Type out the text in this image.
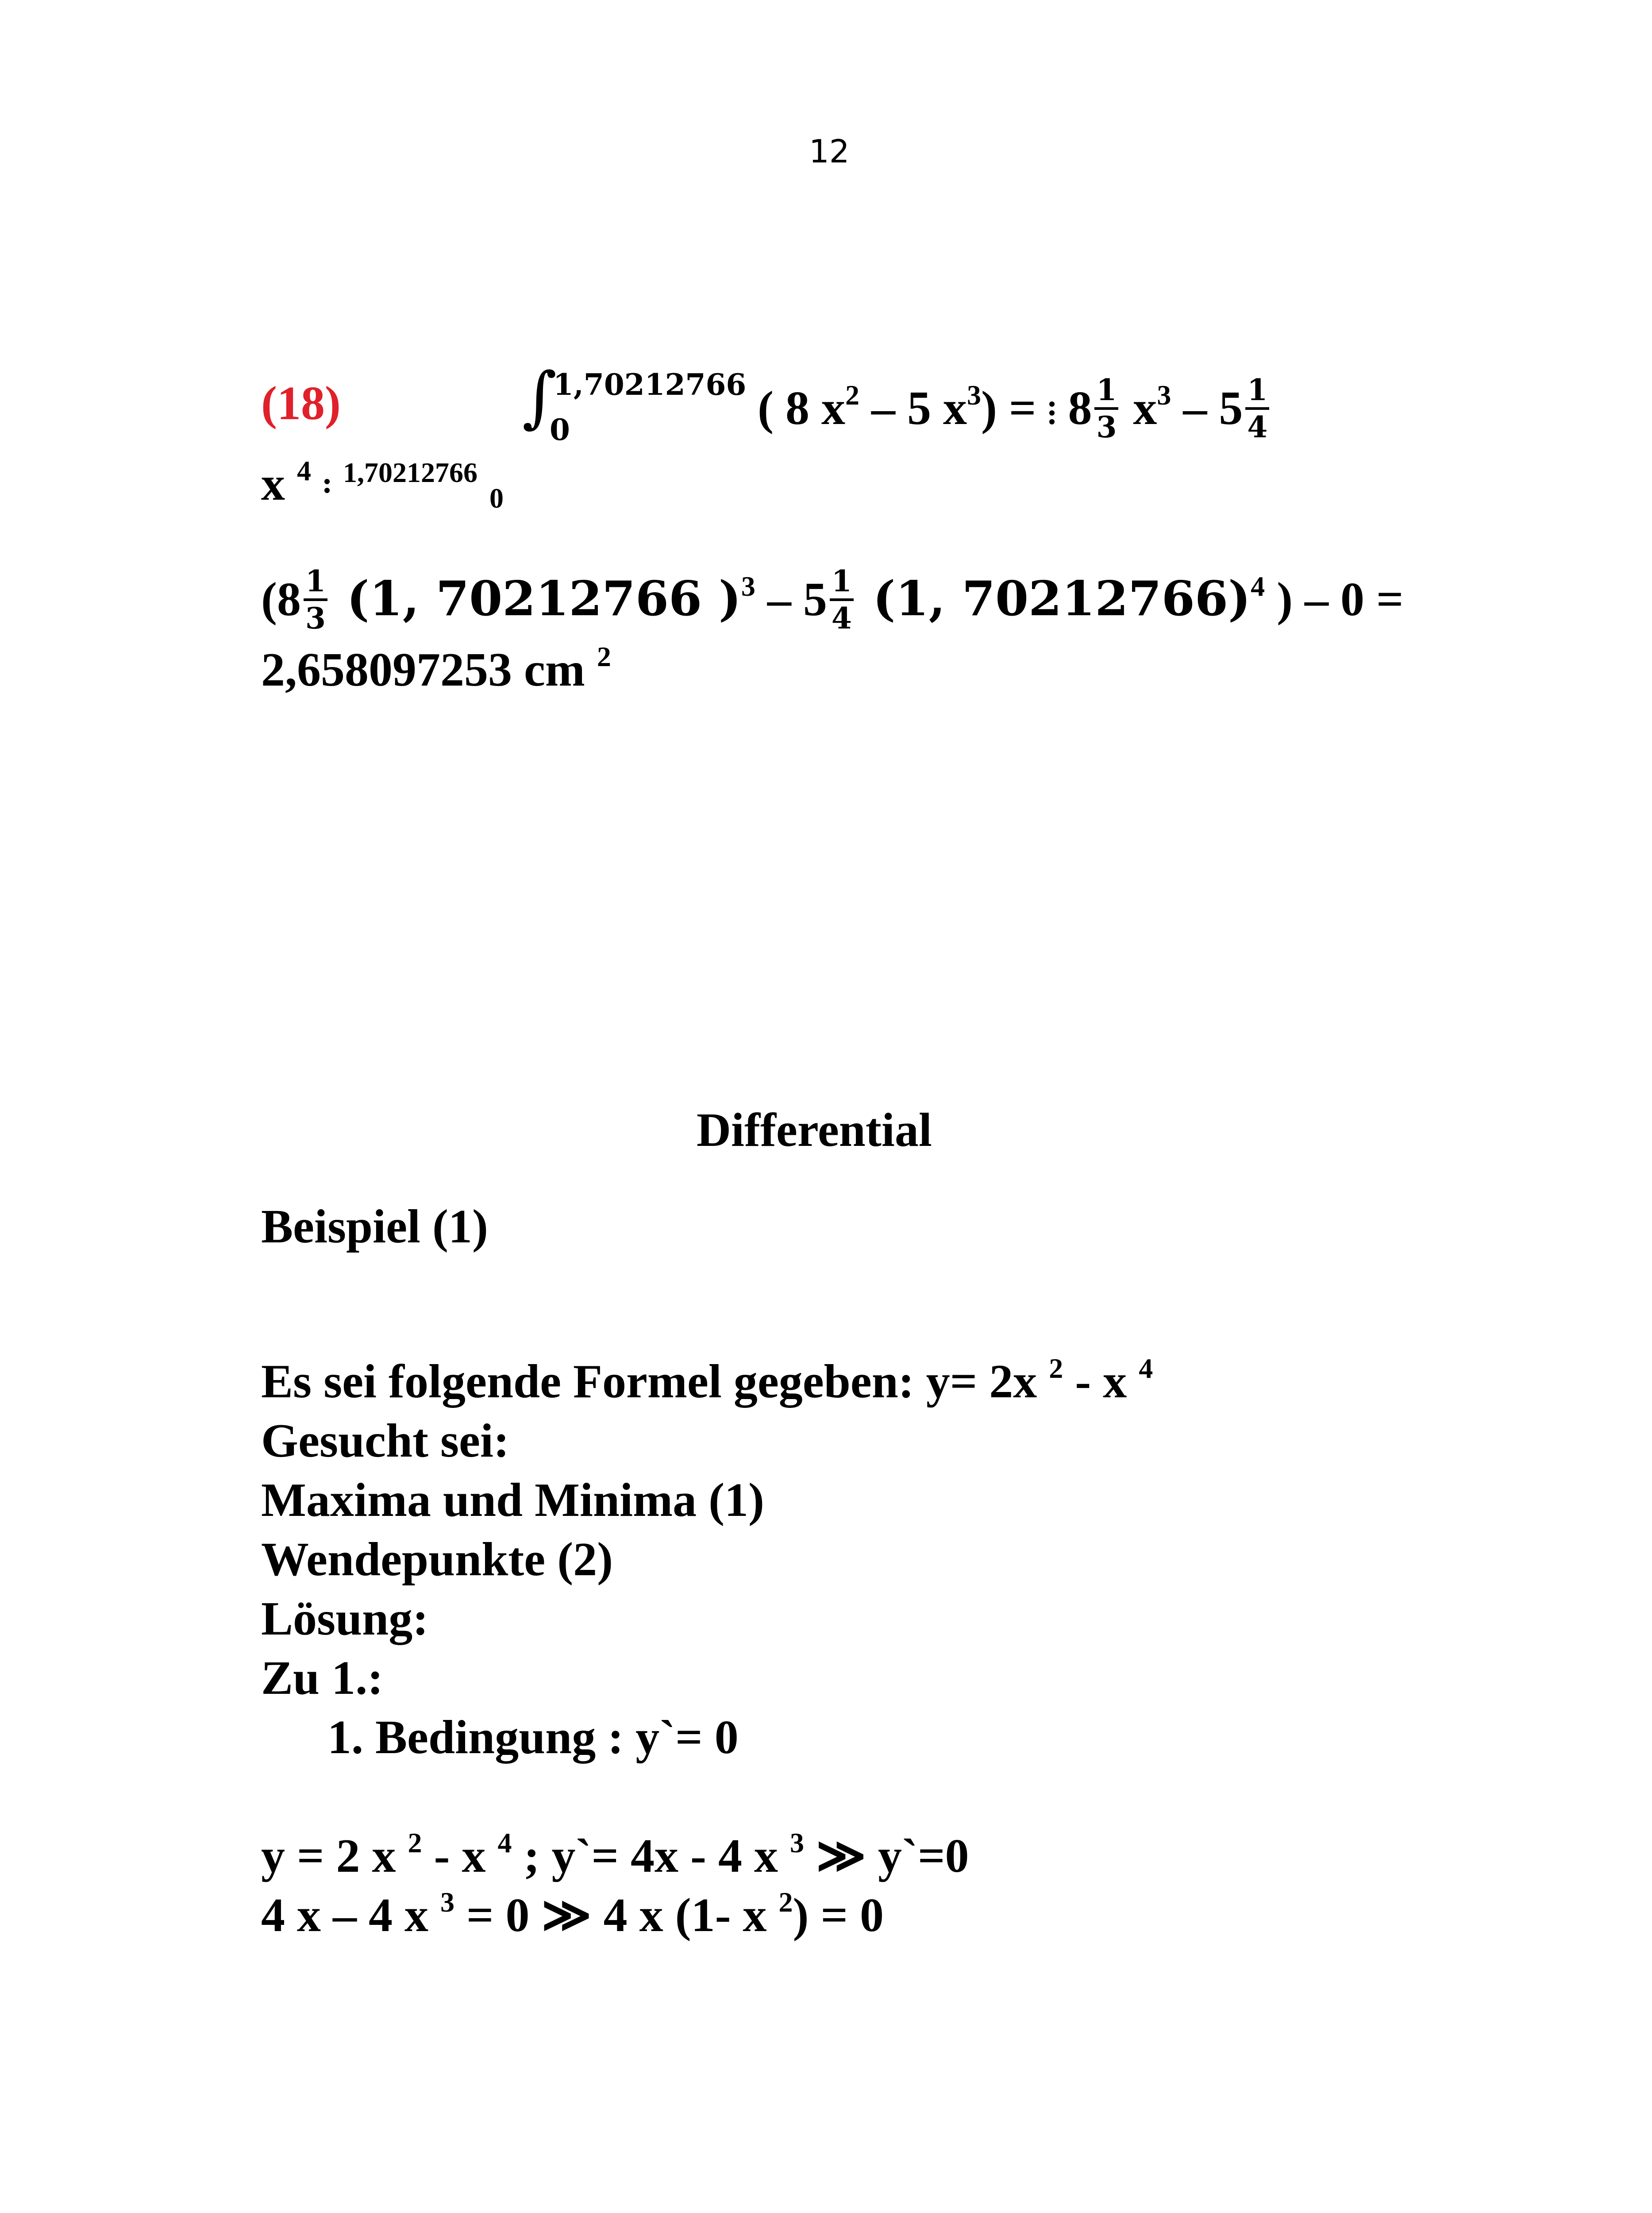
12
(18)	∫
1,70212766
0	( 8 $x^2 - 5$ $x^3$) =
$8 \frac{1}{3} x^3 - 5 \frac{1}{4}$
x $^4$ $^{1,70212766}$ 0
($8 \frac{1}{3} (1$, 70212766 )$^3 - 5 \frac{1}{4} (1$, 70212766)$^4$ ) – 0 =
2,658097253 cm $^2$
Differential
Beispiel (1)
Es sei folgende Formel gegeben: y= 2x $^2$ - x $^4$
Gesucht sei:
Maxima und Minima (1)
Wendepunkte (2)
Lösung:
Zu 1.:
1. Bedingung : y`= 0
y = 2 x $^2$ - x $^4$ ; y`= 4x - 4 x $^3$ ≫ y`=0
4 x – 4 x $^3$ = 0 ≫ 4 x (1- x $^2$) = 0
